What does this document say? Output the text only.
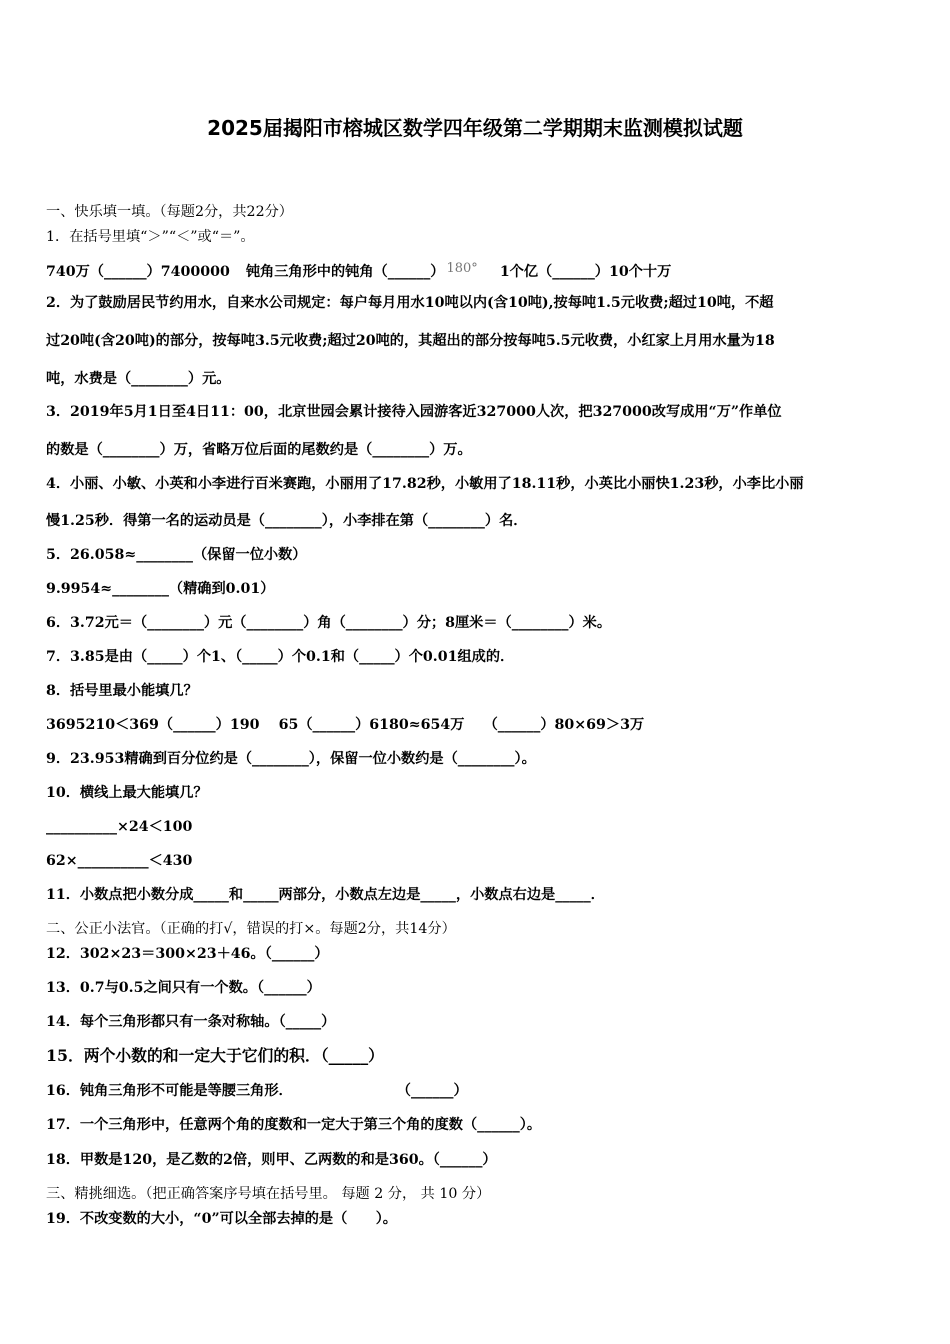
2025届揭阳市榕城区数学四年级第二学期期末监测模拟试题
一、快乐填一填。（每题2分，共22分）
1．在括号里填“＞”“＜”或“＝”。
740万（______）7400000 钝角三角形中的钝角（______） 180° 1个亿（______）10个十万
2．为了鼓励居民节约用水，自来水公司规定：每户每月用水10吨以内(含10吨),按每吨1.5元收费;超过10吨，不超
过20吨(含20吨)的部分，按每吨3.5元收费;超过20吨的，其超出的部分按每吨5.5元收费，小红家上月用水量为18
吨，水费是（________）元。
3．2019年5月1日至4日11：00，北京世园会累计接待入园游客近327000人次，把327000改写成用“万”作单位
的数是（________）万，省略万位后面的尾数约是（________）万。
4．小丽、小敏、小英和小李进行百米赛跑，小丽用了17.82秒，小敏用了18.11秒，小英比小丽快1.23秒，小李比小丽
慢1.25秒．得第一名的运动员是（________），小李排在第（________）名．
5．26.058≈________（保留一位小数）
9.9954≈________（精确到0.01）
6．3.72元＝（________）元（________）角（________）分；8厘米＝（________）米。
7．3.85是由（_____）个1、（_____）个0.1和（_____）个0.01组成的．
8．括号里最小能填几？
3695210＜369（______）190　 65（______）6180≈654万　 （______）80×69＞3万
9．23.953精确到百分位约是（________），保留一位小数约是（________）。
10．横线上最大能填几？
__________×24＜100
62×__________＜430
11．小数点把小数分成_____和_____两部分，小数点左边是_____，小数点右边是_____．
二、公正小法官。（正确的打√，错误的打×。每题2分，共14分）
12．302×23＝300×23＋46。（______）
13．0.7与0.5之间只有一个数。（______）
14．每个三角形都只有一条对称轴。（_____）
15．两个小数的和一定大于它们的积．（_____）
16．钝角三角形不可能是等腰三角形．	（______）
17．一个三角形中，任意两个角的度数和一定大于第三个角的度数（______）。
18．甲数是120，是乙数的2倍，则甲、乙两数的和是360。（______）
三、精挑细选。（把正确答案序号填在括号里。 每题 2 分， 共 10 分）
19．不改变数的大小，“0”可以全部去掉的是（　　）。
